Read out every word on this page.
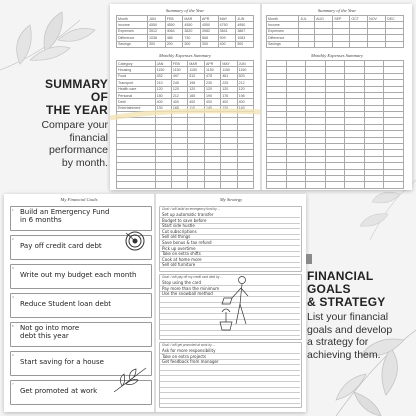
SUMMARY OF
THE YEAR

Compare your
financial
performance
by month.

FINANCIAL GOALS
& STRATEGY

List your financial
goals and develop
a strategy for
achieving them.

Summary of the Year
Month	JAN	FEB	MAR	APR	MAY	JUN
Income	4550	4550	4550	4550	4750	4950
Expenses	3512	4064	3820	3982	3841	3867
Difference	1038	486	730	568	909	1083
Savings	300	200	300	300	400	500
Monthly Expenses Summary
Category	JAN	FEB	MAR	APR	MAY	JUN
Housing	1150	1150	1150	1150	1150	1150
Food	452	497	512	478	461	503
Transport	210	245	198	230	225	212
Health care	120	120	120	120	120	120
Personal	180	212	165	190	176	198
Debt	400	400	400	400	400	400
Entertainment	130	165	110	145	120	140

Summary of the Year
Month	JUL	AUG	SEP	OCT	NOV	DEC
Income						
Expenses						
Difference						
Savings						
Monthly Expenses Summary

My Financial Goals
1 Build an Emergency Fund
in 6 months
2
Pay off credit card debt
3
Write out my budget each month
4
Reduce Student loan debt
5 Not go into more
debt this year
6
Start saving for a house
7
Get promoted at work
My Strategy
Goal: I will build an emergency fund by ...
Set up automatic transfer
Budget to save before
Start side hustle
Cut subscriptions
Sell old things
Save bonus & tax refund
Pick up overtime
Take on extra shifts
Cook at home more
Sell old furniture
Goal: I will pay off my credit card debt by ...
Stop using the card
Pay more than the minimum
Use the snowball method
Goal: I will get promoted at work by ...
Ask for more responsibility
Take on extra projects
Get feedback from manager
